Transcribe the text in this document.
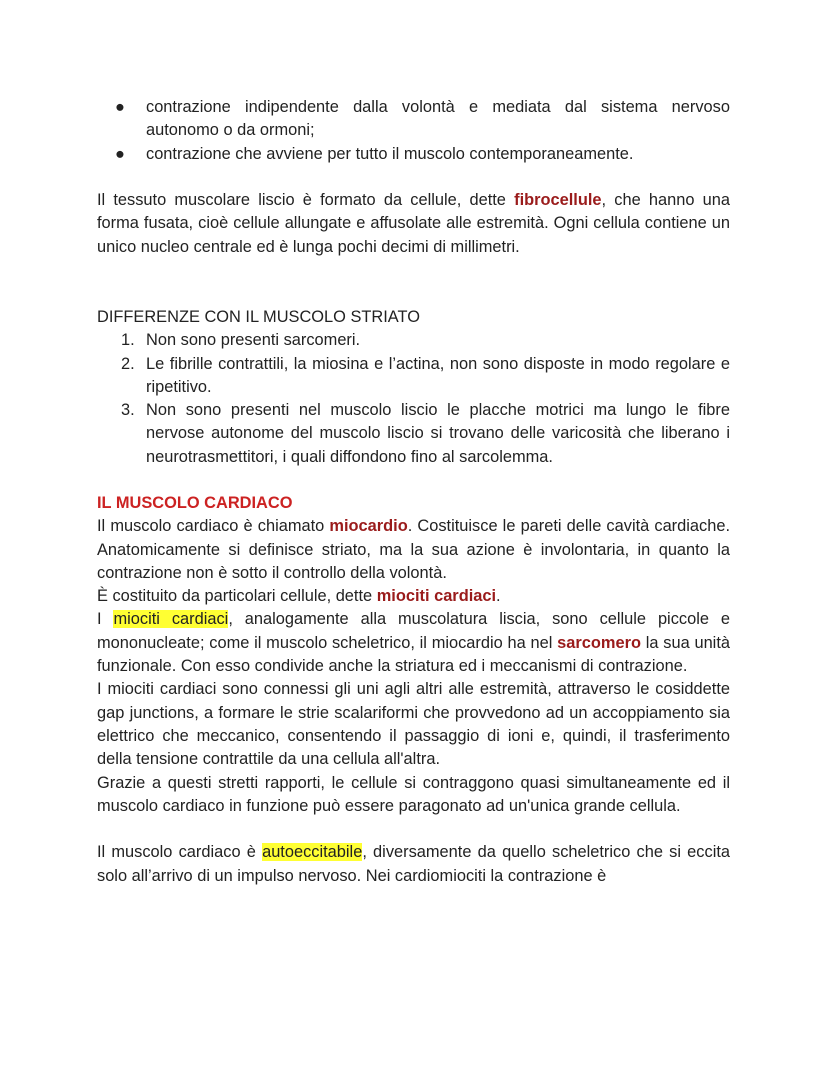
● contrazione indipendente dalla volontà e mediata dal sistema nervoso autonomo o da ormoni;
● contrazione che avviene per tutto il muscolo contemporaneamente.

Il tessuto muscolare liscio è formato da cellule, dette fibrocellule, che hanno una forma fusata, cioè cellule allungate e affusolate alle estremità. Ogni cellula contiene un unico nucleo centrale ed è lunga pochi decimi di millimetri.

DIFFERENZE CON IL MUSCOLO STRIATO

1. Non sono presenti sarcomeri.
2. Le fibrille contrattili, la miosina e l’actina, non sono disposte in modo regolare e ripetitivo.
3. Non sono presenti nel muscolo liscio le placche motrici ma lungo le fibre nervose autonome del muscolo liscio si trovano delle varicosità che liberano i neurotrasmettitori, i quali diffondono fino al sarcolemma.

IL MUSCOLO CARDIACO

Il muscolo cardiaco è chiamato miocardio. Costituisce le pareti delle cavità cardiache. Anatomicamente si definisce striato, ma la sua azione è involontaria, in quanto la contrazione non è sotto il controllo della volontà.

È costituito da particolari cellule, dette miociti cardiaci.

I miociti cardiaci, analogamente alla muscolatura liscia, sono cellule piccole e mononucleate; come il muscolo scheletrico, il miocardio ha nel sarcomero la sua unità funzionale. Con esso condivide anche la striatura ed i meccanismi di contrazione.

I miociti cardiaci sono connessi gli uni agli altri alle estremità, attraverso le cosiddette gap junctions, a formare le strie scalariformi che provvedono ad un accoppiamento sia elettrico che meccanico, consentendo il passaggio di ioni e, quindi, il trasferimento della tensione contrattile da una cellula all'altra.

Grazie a questi stretti rapporti, le cellule si contraggono quasi simultaneamente ed il muscolo cardiaco in funzione può essere paragonato ad un'unica grande cellula.

Il muscolo cardiaco è autoeccitabile, diversamente da quello scheletrico che si eccita solo all’arrivo di un impulso nervoso. Nei cardiomiociti la contrazione è
